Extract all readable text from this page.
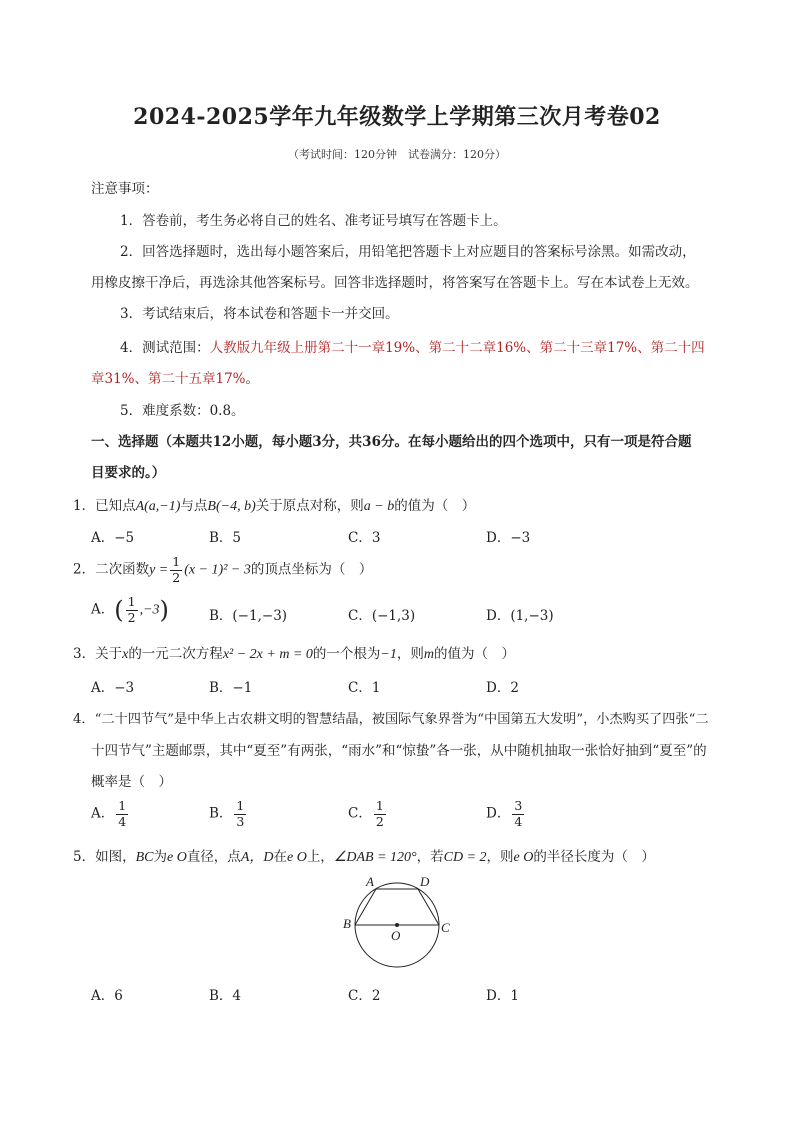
2024-2025学年九年级数学上学期第三次月考卷02
（考试时间：120分钟　试卷满分：120分）
注意事项：
1．答卷前，考生务必将自己的姓名、准考证号填写在答题卡上。
2．回答选择题时，选出每小题答案后，用铅笔把答题卡上对应题目的答案标号涂黑。如需改动，
用橡皮擦干净后，再选涂其他答案标号。回答非选择题时，将答案写在答题卡上。写在本试卷上无效。
3．考试结束后，将本试卷和答题卡一并交回。
4．测试范围：人教版九年级上册第二十一章19%、第二十二章16%、第二十三章17%、第二十四
章31%、第二十五章17%。
5．难度系数：0.8。
一、选择题（本题共12小题，每小题3分，共36分。在每小题给出的四个选项中，只有一项是符合题
目要求的。）
1．已知点A(a,−1)与点B(−4, b)关于原点对称，则a − b的值为（　）
A．−5	B．5	C．3	D．−3
2．二次函数$y = \frac{1}{2} (x - 1)^2 - 3$的顶点坐标为（　）
A．( $\frac{1}{2} ,-3$)	B．(−1,−3)	C．(−1,3)	D．(1,−3)
3．关于x的一元二次方程x² − 2x + m = 0的一个根为−1，则m的值为（　）
A．−3	B．−1	C．1	D．2
4．“二十四节气”是中华上古农耕文明的智慧结晶，被国际气象界誉为“中国第五大发明”，小杰购买了四张“二
十四节气”主题邮票，其中“夏至”有两张，“雨水”和“惊蛰”各一张，从中随机抽取一张恰好抽到“夏至”的
概率是（　）
A． $\frac{1}{4}$	B． $\frac{1}{3}$	C． $\frac{1}{2}$	D． $\frac{3}{4}$
5．如图，BC为e O直径，点A，D在e O上，∠DAB = 120°，若CD = 2，则e O的半径长度为（　）
A	D
B	C
O
A．6	B．4	C．2	D．1
